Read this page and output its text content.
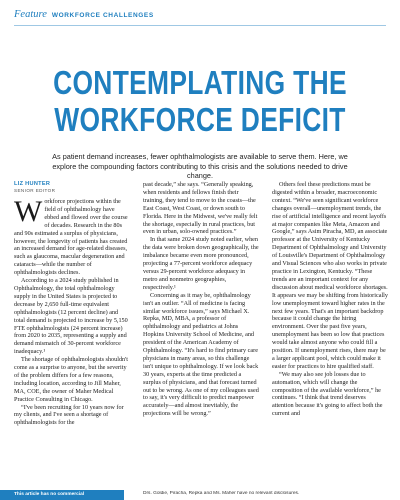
Feature WORKFORCE CHALLENGES
CONTEMPLATING THE
WORKFORCE DEFICIT
As patient demand increases, fewer ophthalmologists are available to serve them. Here, we explore the compounding factors contributing to this crisis and the solutions needed to drive change.
LIZ HUNTER
SENIOR EDITOR
W orkforce projections within the field of ophthalmology have ebbed and flowed over the course of decades. Research in the 80s and 90s estimated a surplus of physicians, however, the longevity of patients has created an increased demand for age-related diseases, such as glaucoma, macular degeneration and cataracts—while the number of ophthalmologists declines.

According to a 2024 study published in Ophthalmology, the total ophthalmology supply in the United States is projected to decrease by 2,650 full-time equivalent ophthalmologists (12 percent decline) and total demand is projected to increase by 5,150 FTE ophthalmologists (24 percent increase) from 2020 to 2035, representing a supply and demand mismatch of 30-percent workforce inadequacy.¹

The shortage of ophthalmologists shouldn't come as a surprise to anyone, but the severity of the problem differs for a few reasons, including location, according to Jill Maher, MA, COE, the owner of Maher Medical Practice Consulting in Chicago.

“I've been recruiting for 10 years now for my clients, and I've seen a shortage of ophthalmologists for the

past decade,” she says. “Generally speaking, when residents and fellows finish their training, they tend to move to the coasts—the East Coast, West Coast, or down south to Florida. Here in the Midwest, we've really felt the shortage, especially in rural practices, but even in urban, solo-owned practices.”

In that same 2024 study noted earlier, when the data were broken down geographically, the imbalance became even more pronounced, projecting a 77-percent workforce adequacy versus 29-percent workforce adequacy in metro and nonmetro geographies, respectively.¹

Concerning as it may be, ophthalmology isn't an outlier. “All of medicine is facing similar workforce issues,” says Michael X. Repka, MD, MBA, a professor of ophthalmology and pediatrics at Johns Hopkins University School of Medicine, and president of the American Academy of Ophthalmology. “It's hard to find primary care physicians in many areas, so this challenge isn't unique to ophthalmology. If we look back 30 years, experts at the time predicted a surplus of physicians, and that forecast turned out to be wrong. As one of my colleagues used to say, it's very difficult to predict manpower accurately—and almost inevitably, the projections will be wrong.”

Others feel these predictions must be digested within a broader, macroeconomic context. “We've seen significant workforce changes overall—unemployment trends, the rise of artificial intelligence and recent layoffs at major companies like Meta, Amazon and Google,” says Asim Piracha, MD, an associate professor at the University of Kentucky Department of Ophthalmology and University of Louisville's Department of Ophthalmology and Visual Sciences who also works in private practice in Lexington, Kentucky. “These trends are an important context for any discussion about medical workforce shortages. It appears we may be shifting from historically low unemployment toward higher rates in the next few years. That's an important backdrop because it could change the hiring environment. Over the past five years, unemployment has been so low that practices would take almost anyone who could fill a position. If unemployment rises, there may be a larger applicant pool, which could make it easier for practices to hire qualified staff.

“We may also see job losses due to automation, which will change the composition of the available workforce,” he continues. “I think that trend deserves attention because it's going to affect both the current and

This article has no commercial	Drs. Goldie, Piracha, Repka and Ms. Maher have no relevant disclosures.
